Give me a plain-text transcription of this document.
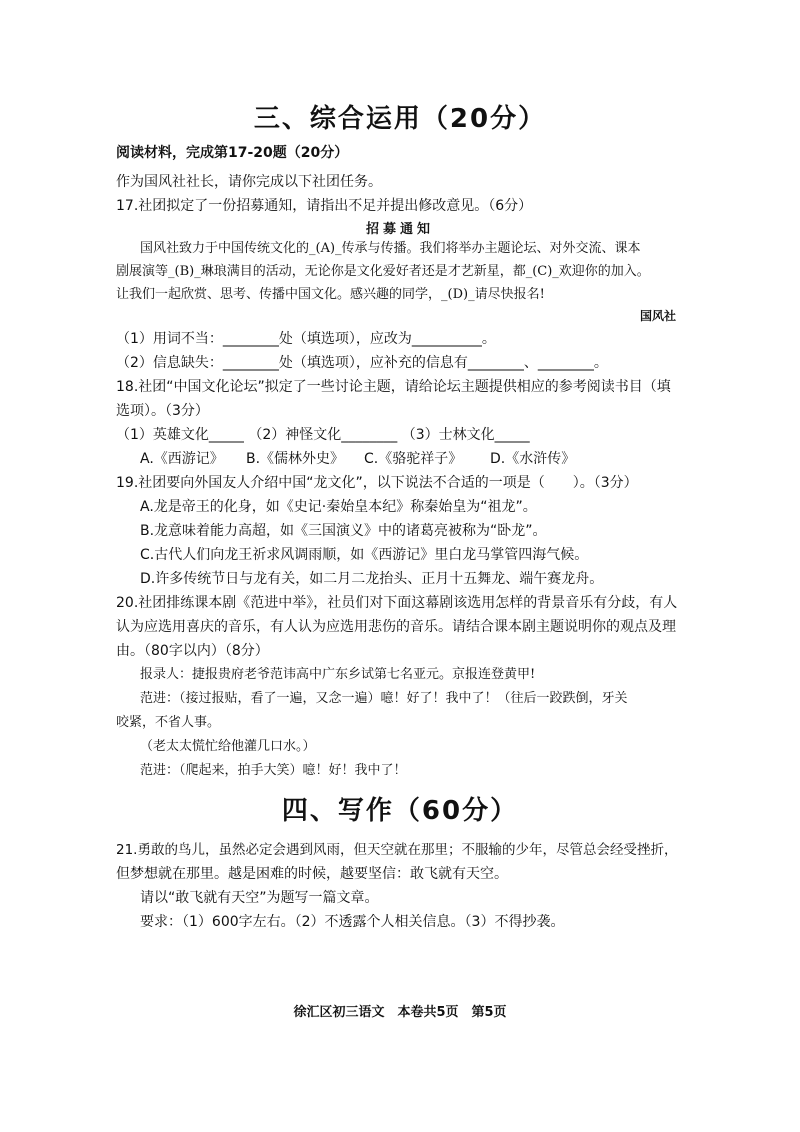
三、综合运用（20分）
阅读材料，完成第17-20题（20分）
作为国风社社长，请你完成以下社团任务。
17.社团拟定了一份招募通知，请指出不足并提出修改意见。（6分）
招募通知
国风社致力于中国传统文化的_(A)_传承与传播。我们将举办主题论坛、对外交流、课本
剧展演等_(B)_琳琅满目的活动，无论你是文化爱好者还是才艺新星，都_(C)_欢迎你的加入。
让我们一起欣赏、思考、传播中国文化。感兴趣的同学，_(D)_请尽快报名!
国风社
（1）用词不当：________处（填选项），应改为__________。
（2）信息缺失：________处（填选项），应补充的信息有________、________。
18.社团“中国文化论坛”拟定了一些讨论主题，请给论坛主题提供相应的参考阅读书目（填
选项）。（3分）
（1）英雄文化_____ （2）神怪文化________ （3）士林文化_____
A.《西游记》 B.《儒林外史》 C.《骆驼祥子》 D.《水浒传》
19.社团要向外国友人介绍中国“龙文化”，以下说法不合适的一项是（　　）。（3分）
A.龙是帝王的化身，如《史记·秦始皇本纪》称秦始皇为“祖龙”。
B.龙意味着能力高超，如《三国演义》中的诸葛亮被称为“卧龙”。
C.古代人们向龙王祈求风调雨顺，如《西游记》里白龙马掌管四海气候。
D.许多传统节日与龙有关，如二月二龙抬头、正月十五舞龙、端午赛龙舟。
20.社团排练课本剧《范进中举》，社员们对下面这幕剧该选用怎样的背景音乐有分歧，有人
认为应选用喜庆的音乐，有人认为应选用悲伤的音乐。请结合课本剧主题说明你的观点及理
由。（80字以内）（8分）
报录人：捷报贵府老爷范讳高中广东乡试第七名亚元。京报连登黄甲!
范进：（接过报贴，看了一遍，又念一遍）噫！好了！我中了！（往后一跤跌倒，牙关
咬紧，不省人事。
（老太太慌忙给他灌几口水。）
范进：（爬起来，拍手大笑）噫！好！我中了！
四、写作（60分）
21.勇敢的鸟儿，虽然必定会遇到风雨，但天空就在那里；不服输的少年，尽管总会经受挫折，
但梦想就在那里。越是困难的时候，越要坚信：敢飞就有天空。
请以“敢飞就有天空”为题写一篇文章。
要求：（1）600字左右。（2）不透露个人相关信息。（3）不得抄袭。
徐汇区初三语文　本卷共5页　第5页
